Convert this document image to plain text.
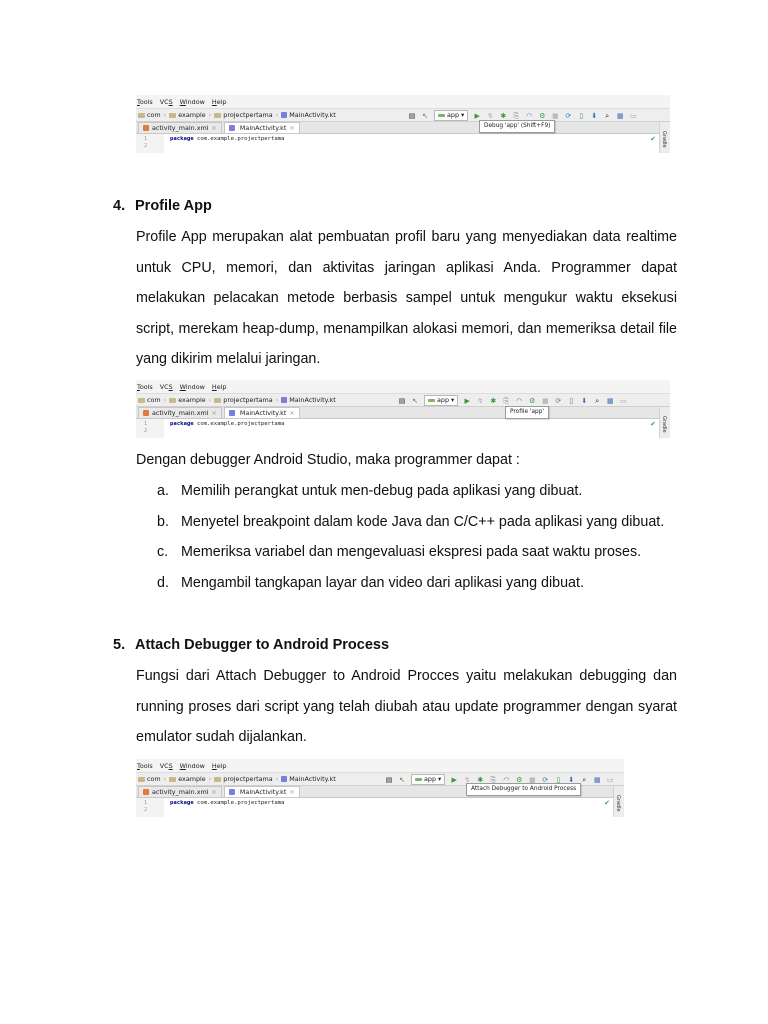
Tools VCS Window Help
com ›	example ›	projectpertama ›	MainActivity.kt	▤ ↖	app ▾	▶ ↯ ✱ ⎘ ◠ ⚙ ■ ⟳ ▯ ⬇ ⌕ ▦ ▭
activity_main.xml ×	MainActivity.kt ×
1
2
package com.example.projectpertama	✔ Gradle
Debug 'app' (Shift+F9)
4. Profile App
Profile App merupakan alat pembuatan profil baru yang menyediakan data realtime untuk CPU, memori, dan aktivitas jaringan aplikasi Anda. Programmer dapat melakukan pelacakan metode berbasis sampel untuk mengukur waktu eksekusi script, merekam heap-dump, menampilkan alokasi memori, dan memeriksa detail file yang dikirim melalui jaringan.
Tools VCS Window Help
com ›	example ›	projectpertama ›	MainActivity.kt	▤ ↖	app ▾	▶ ↯ ✱ ⎘ ◠ ⚙ ■ ⟳ ▯ ⬇ ⌕ ▦ ▭
activity_main.xml ×	MainActivity.kt ×
1
2
package com.example.projectpertama	✔ Gradle
Profile 'app'
Dengan debugger Android Studio, maka programmer dapat :
a. Memilih perangkat untuk men-debug pada aplikasi yang dibuat.
b. Menyetel breakpoint dalam kode Java dan C/C++ pada aplikasi yang dibuat.
c. Memeriksa variabel dan mengevaluasi ekspresi pada saat waktu proses.
d. Mengambil tangkapan layar dan video dari aplikasi yang dibuat.
5. Attach Debugger to Android Process
Fungsi dari Attach Debugger to Android Procces yaitu melakukan debugging dan running proses dari script yang telah diubah atau update programmer dengan syarat emulator sudah dijalankan.
Tools VCS Window Help
com ›	example ›	projectpertama ›	MainActivity.kt	▤ ↖	app ▾	▶ ↯ ✱ ⎘ ◠ ⚙ ■ ⟳ ▯ ⬇ ⌕ ▦ ▭
activity_main.xml ×	MainActivity.kt ×
1
2
package com.example.projectpertama	✔ Gradle
Attach Debugger to Android Process
